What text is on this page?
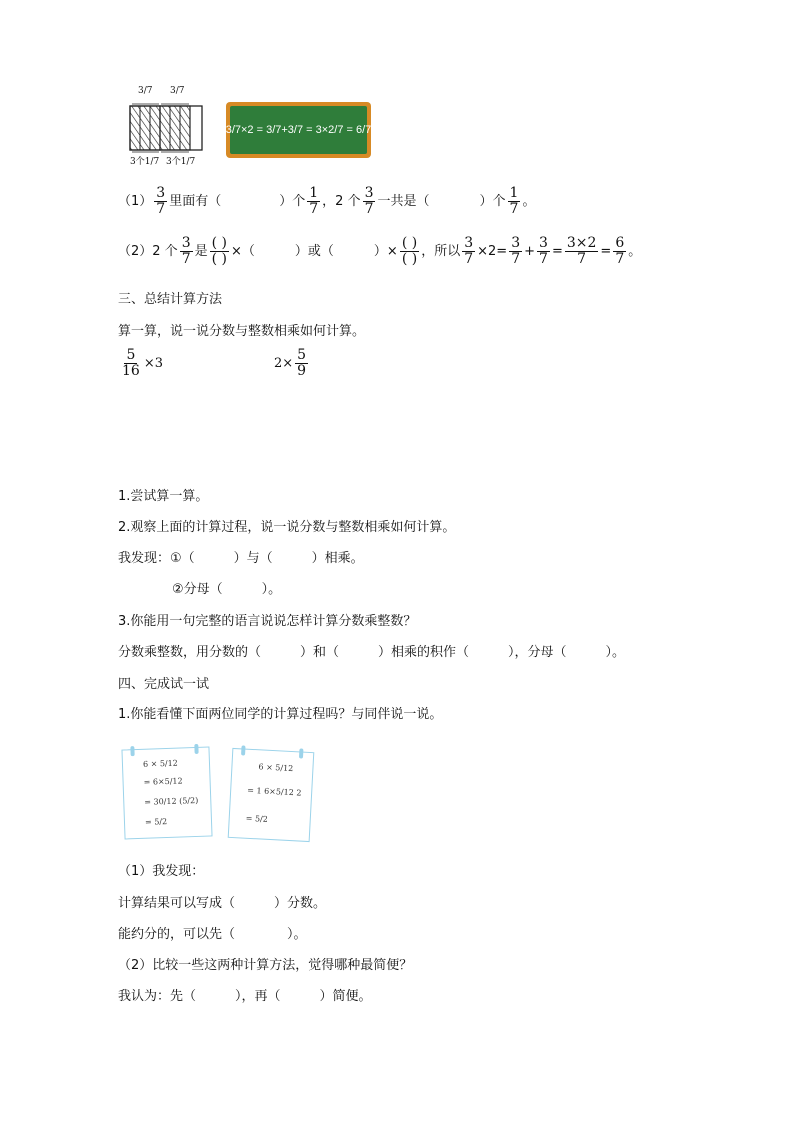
3/7 3/7
3个1/7 3个1/7
3/7×2 = 3/7+3/7 = 3×2/7 = 6/7
$(1) \frac{3}{7}$ 里面有（	）个 $\frac{1}{7}$ ，2 个 $\frac{3}{7}$ 一共是（	）个 $\frac{1}{7}$ 。
（2）2 个 $\frac{3}{7}$ 是 $\frac{( )}{( )}$ ×（	）或（	）× $\frac{( )}{( )}$ ，所以 $\frac{3}{7} \times 2= \frac{3}{7} + \frac{3}{7} = \frac{3\times 2}{7} = \frac{6}{7}$ 。
三、总结计算方法
算一算，说一说分数与整数相乘如何计算。
$\frac{5}{16} \times 3$	$2\times \frac{5}{9}$
1.尝试算一算。
2.观察上面的计算过程，说一说分数与整数相乘如何计算。
我发现：①（　　　）与（　　　）相乘。
②分母（　　　）。
3.你能用一句完整的语言说说怎样计算分数乘整数？
分数乘整数，用分数的（　　　）和（　　　）相乘的积作（　　　），分母（　　　）。
四、完成试一试
1.你能看懂下面两位同学的计算过程吗？与同伴说一说。
6 × 5/12
= 6×5/12
= 30/12 (5/2)
= 5/2
6 × 5/12
= 1 6×5/12 2
= 5/2
（1）我发现：
计算结果可以写成（　　　）分数。
能约分的，可以先（　　　　）。
（2）比较一些这两种计算方法，觉得哪种最简便？
我认为：先（　　　），再（　　　）简便。
